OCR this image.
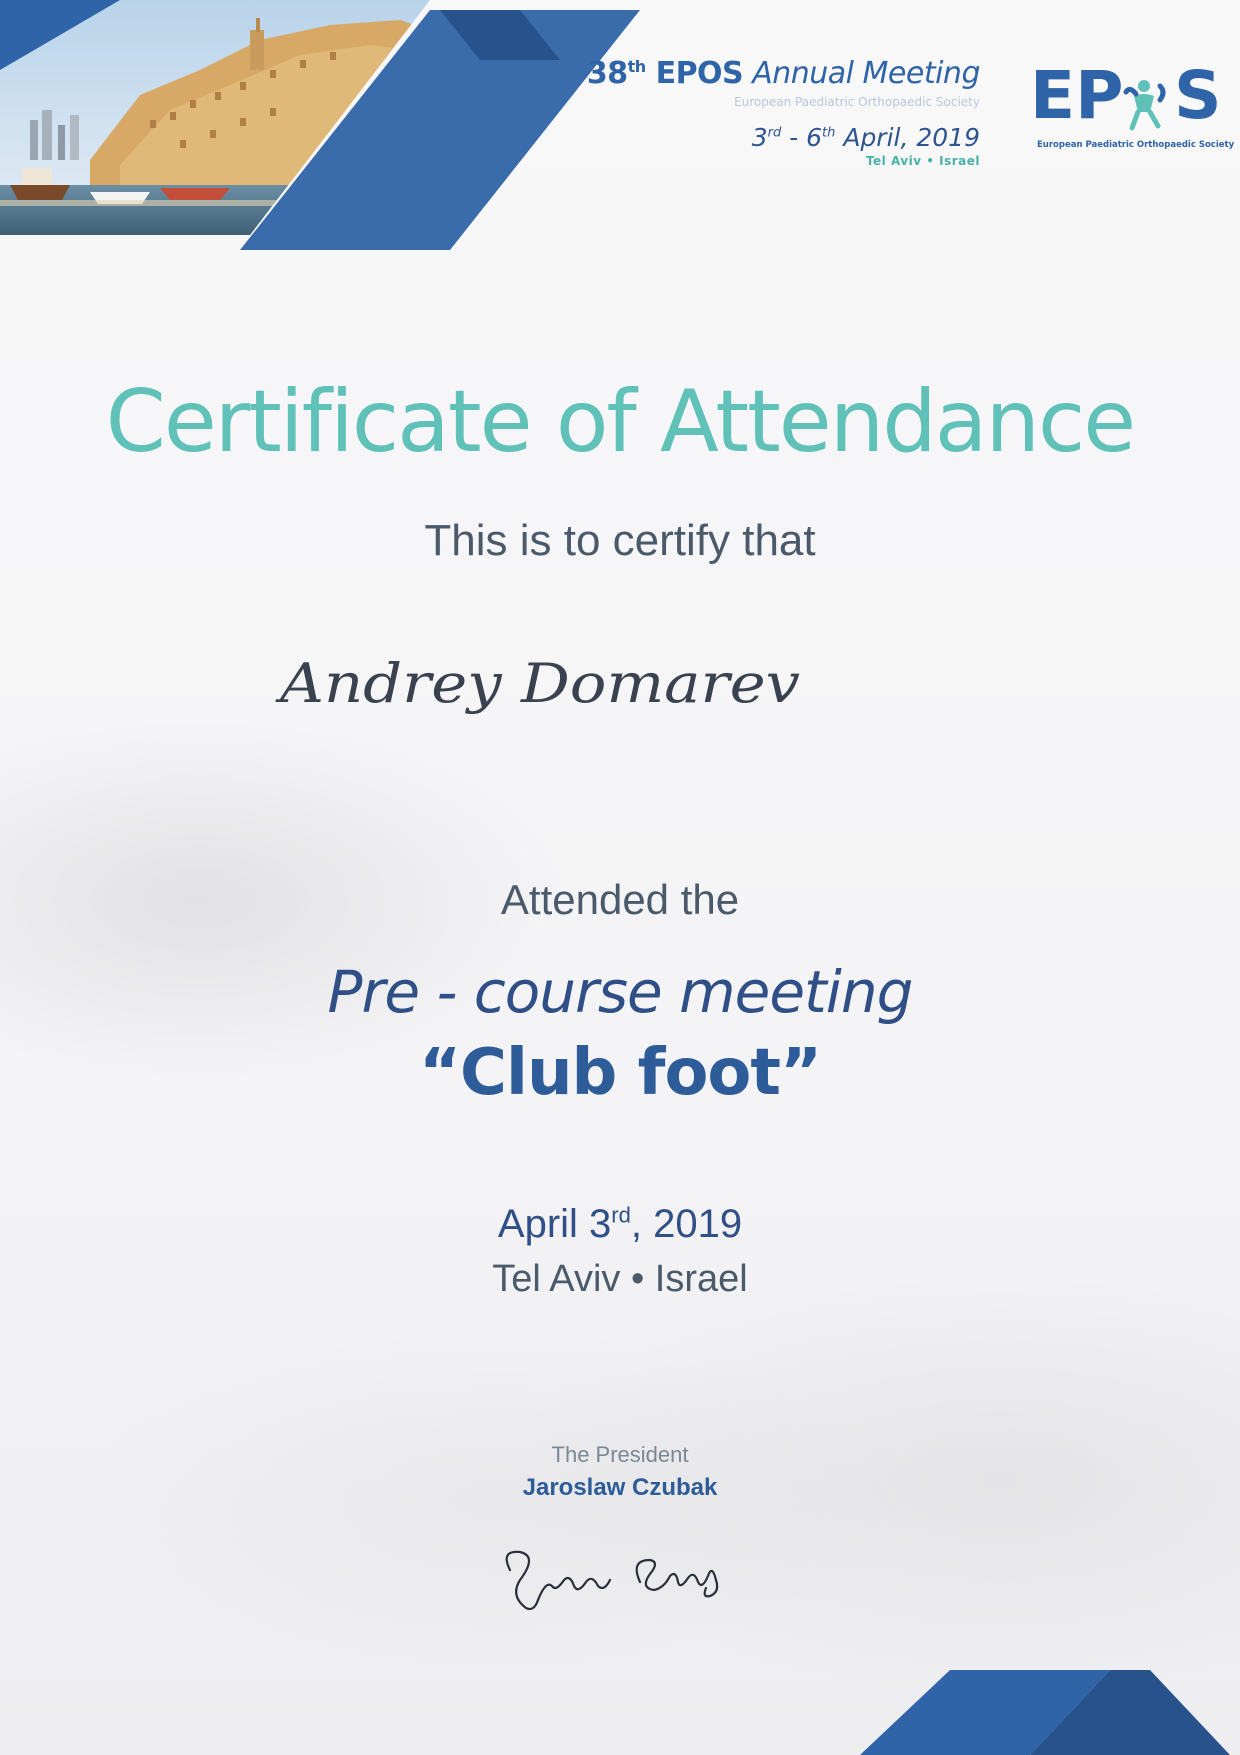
38th EPOS Annual Meeting
European Paediatric Orthopaedic Society
3rd - 6th April, 2019
Tel Aviv • Israel
EP S
European Paediatric Orthopaedic Society
Certificate of Attendance
This is to certify that
Andrey Domarev
Attended the
Pre - course meeting
“Club foot”
April 3rd, 2019
Tel Aviv • Israel
The President
Jaroslaw Czubak
